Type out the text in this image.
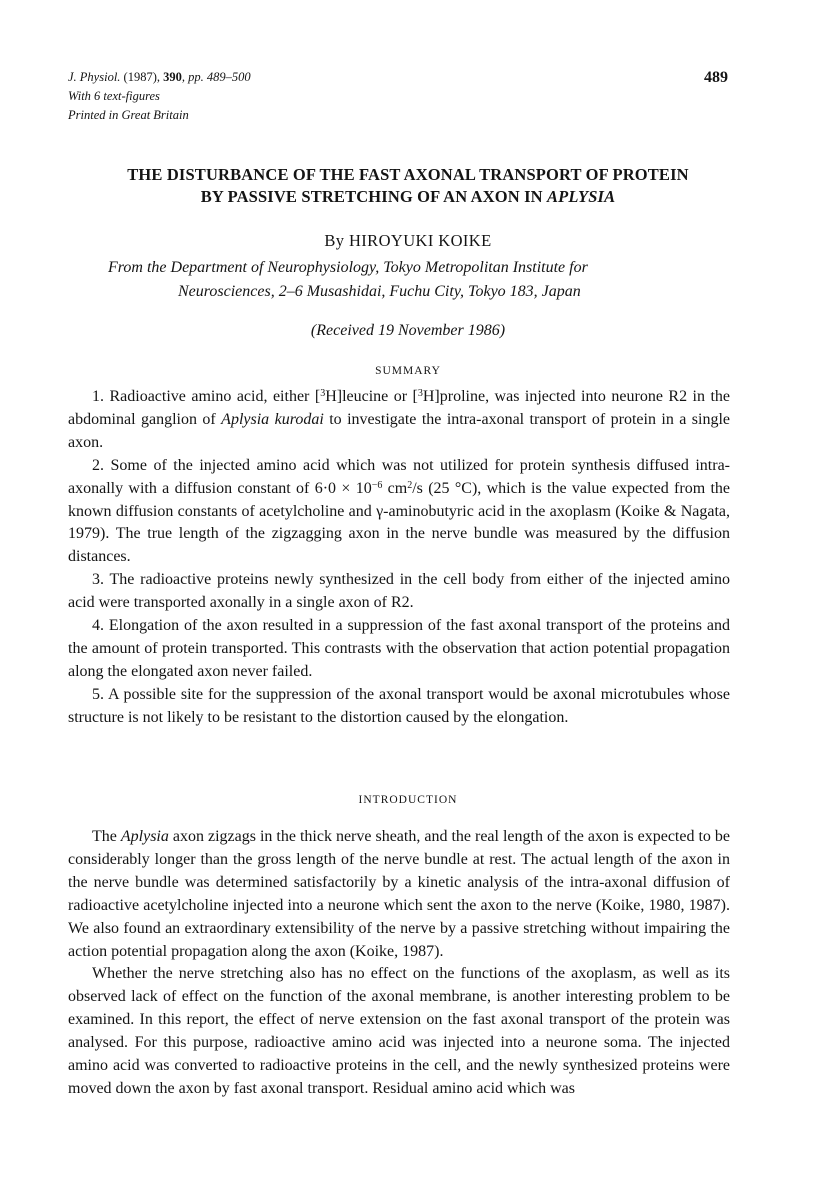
J. Physiol. (1987), 390, pp. 489–500
With 6 text-figures
Printed in Great Britain
489
THE DISTURBANCE OF THE FAST AXONAL TRANSPORT OF PROTEIN
BY PASSIVE STRETCHING OF AN AXON IN APLYSIA
By HIROYUKI KOIKE
From the Department of Neurophysiology, Tokyo Metropolitan Institute for
Neurosciences, 2–6 Musashidai, Fuchu City, Tokyo 183, Japan
(Received 19 November 1986)
SUMMARY

1. Radioactive amino acid, either [$^3$H]leucine or [$^3$H]proline, was injected into neurone R2 in the abdominal ganglion of Aplysia kurodai to investigate the intra-axonal transport of protein in a single axon.

2. Some of the injected amino acid which was not utilized for protein synthesis diffused intra-axonally with a diffusion constant of $6\cdot 0 \times 10^{-6}$ $cm^2/s$ (25 °C), which is the value expected from the known diffusion constants of acetylcholine and γ-aminobutyric acid in the axoplasm (Koike & Nagata, 1979). The true length of the zigzagging axon in the nerve bundle was measured by the diffusion distances.

3. The radioactive proteins newly synthesized in the cell body from either of the injected amino acid were transported axonally in a single axon of R2.

4. Elongation of the axon resulted in a suppression of the fast axonal transport of the proteins and the amount of protein transported. This contrasts with the observation that action potential propagation along the elongated axon never failed.

5. A possible site for the suppression of the axonal transport would be axonal microtubules whose structure is not likely to be resistant to the distortion caused by the elongation.

INTRODUCTION

The Aplysia axon zigzags in the thick nerve sheath, and the real length of the axon is expected to be considerably longer than the gross length of the nerve bundle at rest. The actual length of the axon in the nerve bundle was determined satisfactorily by a kinetic analysis of the intra-axonal diffusion of radioactive acetylcholine injected into a neurone which sent the axon to the nerve (Koike, 1980, 1987). We also found an extraordinary extensibility of the nerve by a passive stretching without impairing the action potential propagation along the axon (Koike, 1987).

Whether the nerve stretching also has no effect on the functions of the axoplasm, as well as its observed lack of effect on the function of the axonal membrane, is another interesting problem to be examined. In this report, the effect of nerve extension on the fast axonal transport of the protein was analysed. For this purpose, radioactive amino acid was injected into a neurone soma. The injected amino acid was converted to radioactive proteins in the cell, and the newly synthesized proteins were moved down the axon by fast axonal transport. Residual amino acid which was
